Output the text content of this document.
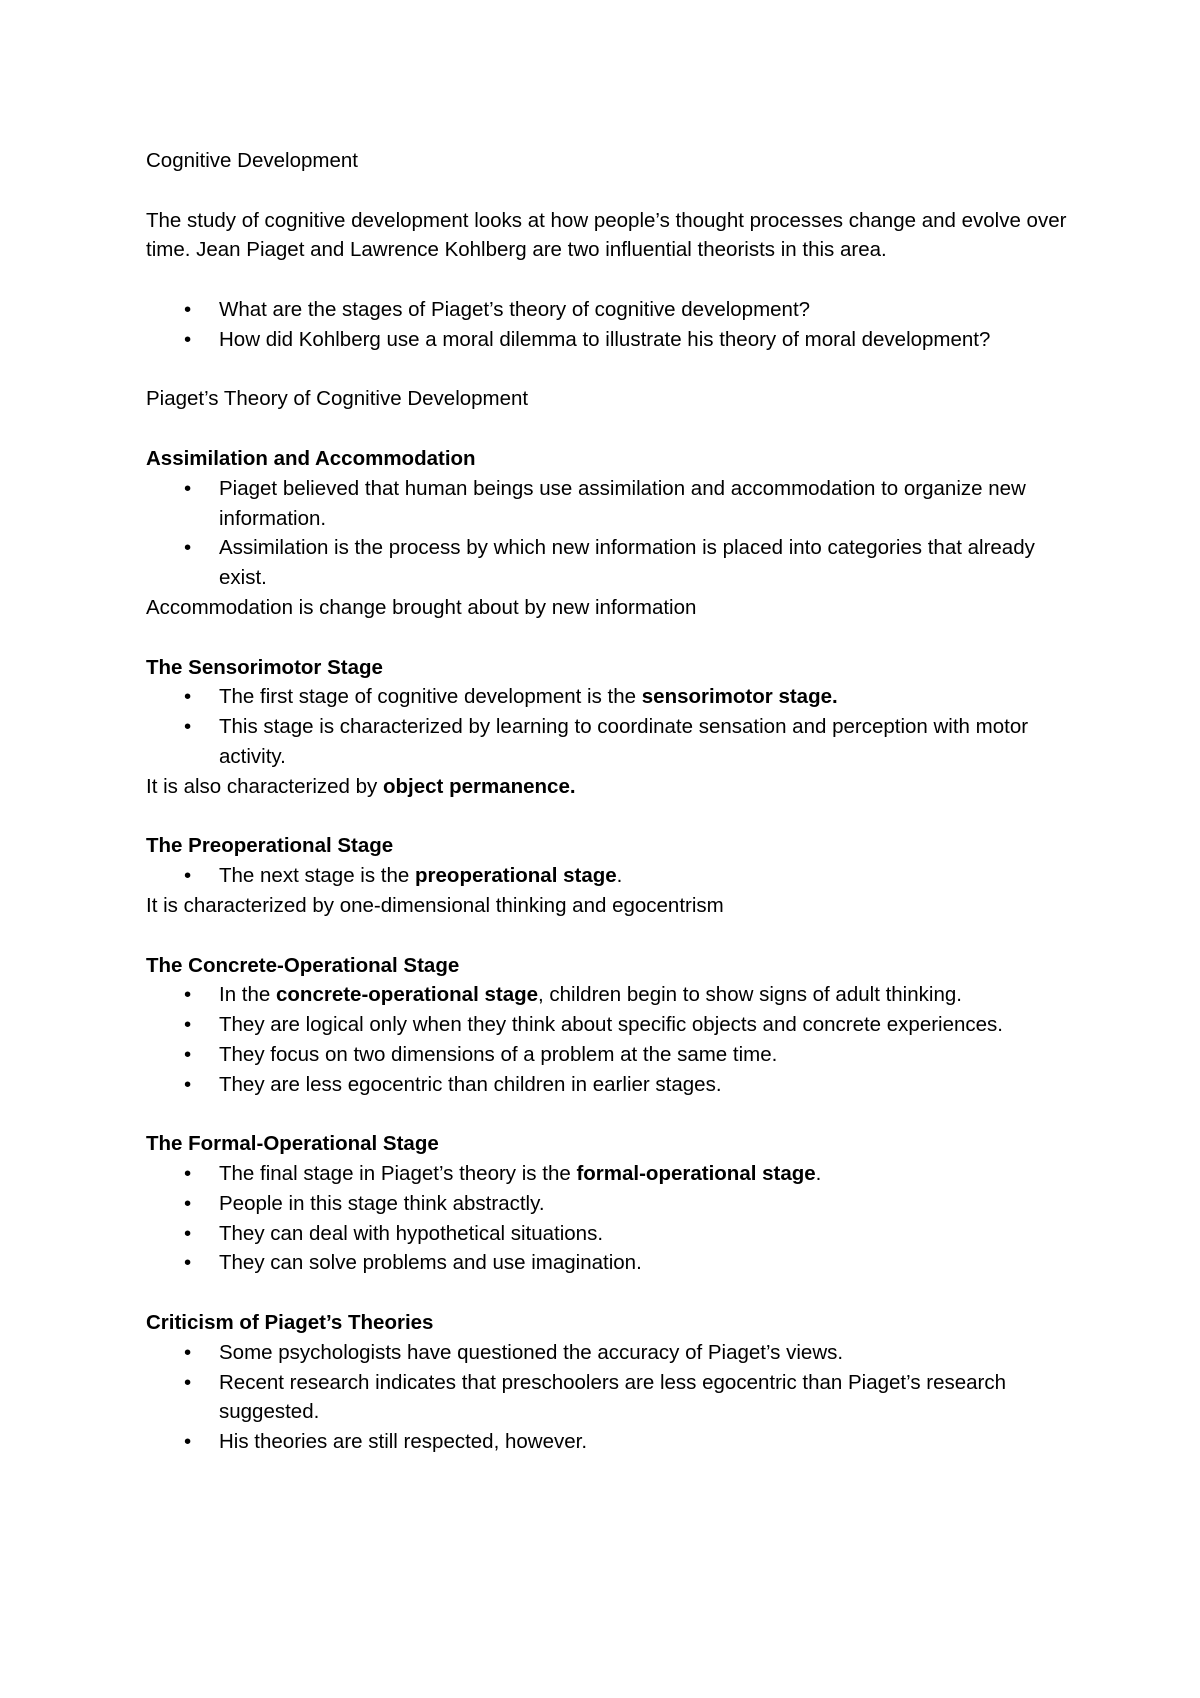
Cognitive Development

The study of cognitive development looks at how people’s thought processes change and evolve over time. Jean Piaget and Lawrence Kohlberg are two influential theorists in this area.

• What are the stages of Piaget’s theory of cognitive development?
• How did Kohlberg use a moral dilemma to illustrate his theory of moral development?

Piaget’s Theory of Cognitive Development

Assimilation and Accommodation

• Piaget believed that human beings use assimilation and accommodation to organize new information.
• Assimilation is the process by which new information is placed into categories that already exist.

Accommodation is change brought about by new information

The Sensorimotor Stage

• The first stage of cognitive development is the sensorimotor stage.
• This stage is characterized by learning to coordinate sensation and perception with motor activity.

It is also characterized by object permanence.

The Preoperational Stage

• The next stage is the preoperational stage.

It is characterized by one-dimensional thinking and egocentrism

The Concrete-Operational Stage

• In the concrete-operational stage, children begin to show signs of adult thinking.
• They are logical only when they think about specific objects and concrete experiences.
• They focus on two dimensions of a problem at the same time.
• They are less egocentric than children in earlier stages.

The Formal-Operational Stage

• The final stage in Piaget’s theory is the formal-operational stage.
• People in this stage think abstractly.
• They can deal with hypothetical situations.
• They can solve problems and use imagination.

Criticism of Piaget’s Theories

• Some psychologists have questioned the accuracy of Piaget’s views.
• Recent research indicates that preschoolers are less egocentric than Piaget’s research suggested.
• His theories are still respected, however.
